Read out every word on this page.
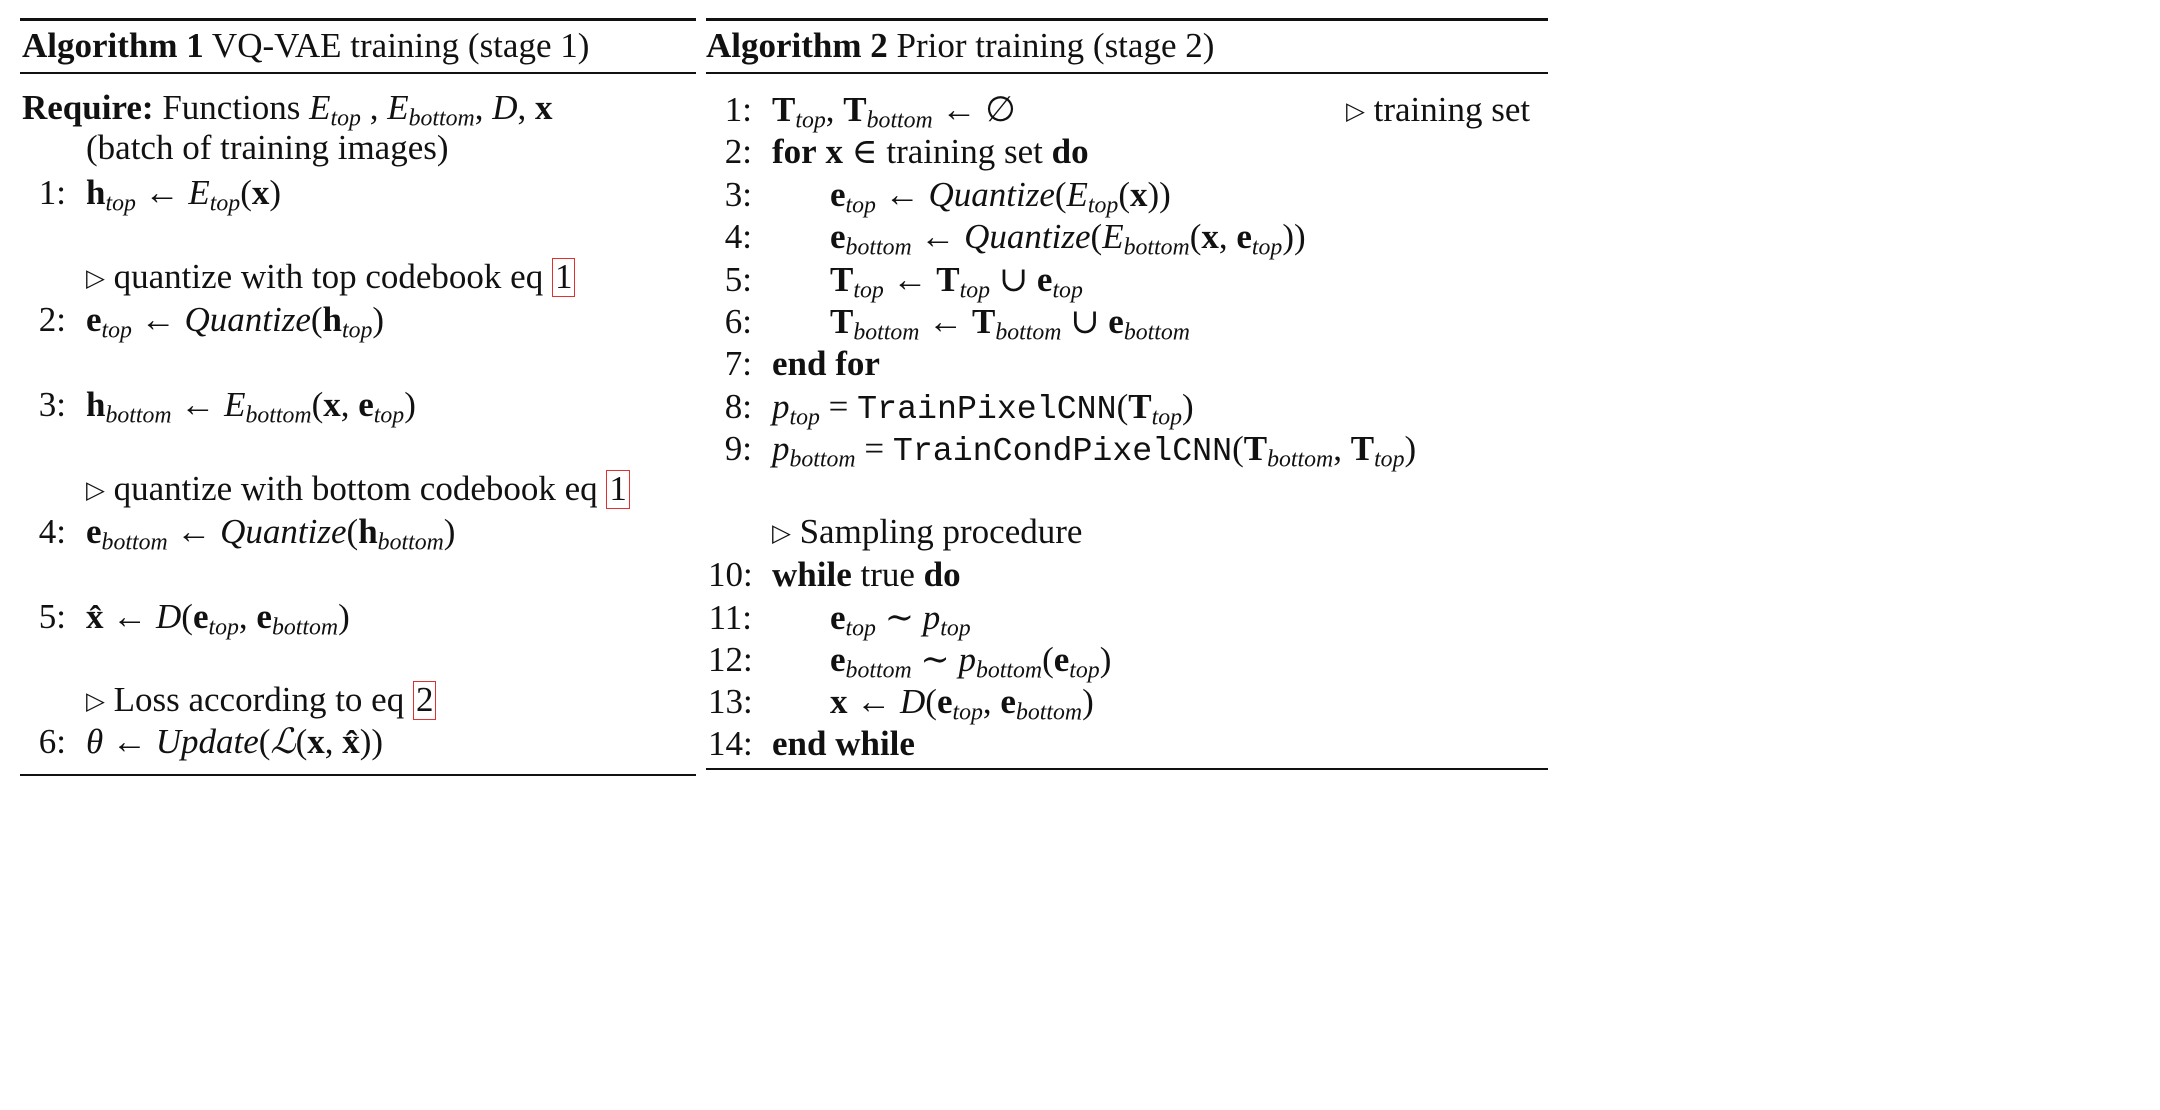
Algorithm 1 VQ-VAE training (stage 1)
Require: Functions $E_{top}$ , $E_{bottom}$, D, x
(batch of training images)
1: $h_{top}$ ← $E_{top}(x)$
▷ quantize with top codebook eq 1
2: $e_{top}$ ← $Quantize(h_{top})$
3: $h_{bottom}$ ← $E_{bottom}(x$, $e_{top}$)
▷ quantize with bottom codebook eq 1
4: $e_{bottom}$ ← $Quantize(h_{bottom})$
5: x̂ ← $D(e_{top}$, $e_{bottom}$)
▷ Loss according to eq 2
6: θ ← Update(ℒ(x, x̂))
Algorithm 2 Prior training (stage 2)
1: $T_{top}$, $T_{bottom}$ ← ∅	▷ training set
2: for x ∈ training set do
3: $e_{top}$ ← $Quantize(E_{top}(x))$
4: $e_{bottom}$ ← $Quantize(E_{bottom}(x$, $e_{top}$))
5: $T_{top}$ ← $T_{top}$ ∪ $e_{top}$
6: $T_{bottom}$ ← $T_{bottom}$ ∪ $e_{bottom}$
7: end for
8: $p_{top}$ = $TrainPixelCNN(T_{top})$
9: $p_{bottom}$ = $TrainCondPixelCNN(T_{bottom}$, $T_{top}$)
▷ Sampling procedure
10: while true do
11: $e_{top}$ ∼ $p_{top}$
12: $e_{bottom}$ ∼ $p_{bottom}(e_{top})$
13: x ← $D(e_{top}$, $e_{bottom}$)
14: end while
